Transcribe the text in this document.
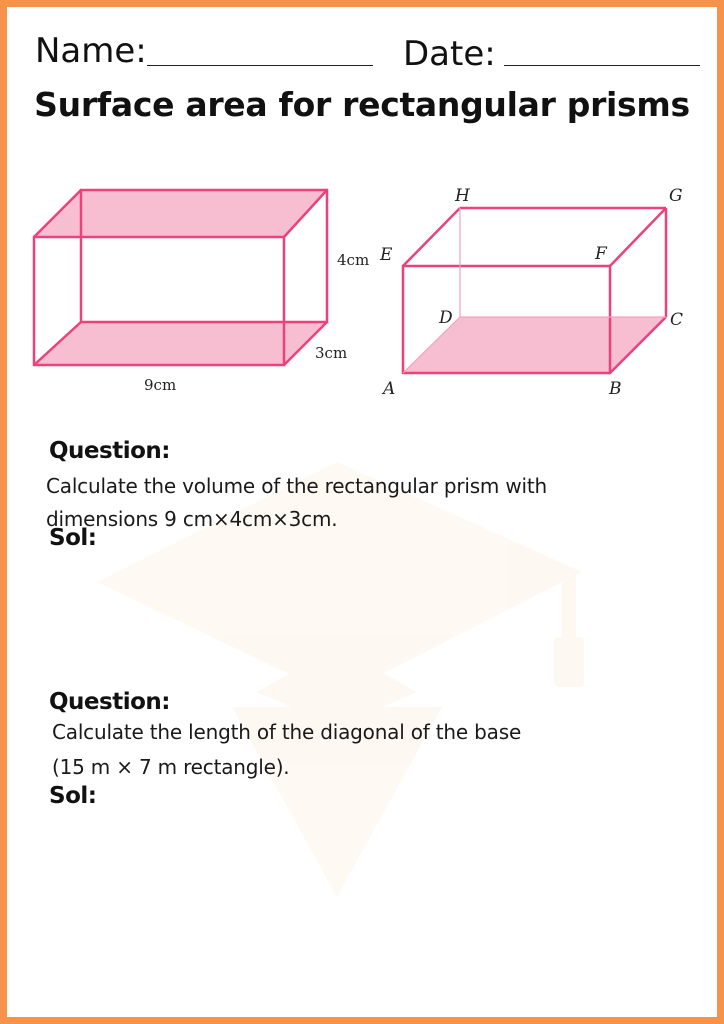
Name:	Date:
Surface area for rectangular prisms
4cm
3cm
9cm
H	G
E	F
D	C
A	B
Question:
Calculate the volume of the rectangular prism with
dimensions 9 cm×4cm×3cm.
Sol:
Question:
Calculate the length of the diagonal of the base
(15 m × 7 m rectangle).
Sol:
